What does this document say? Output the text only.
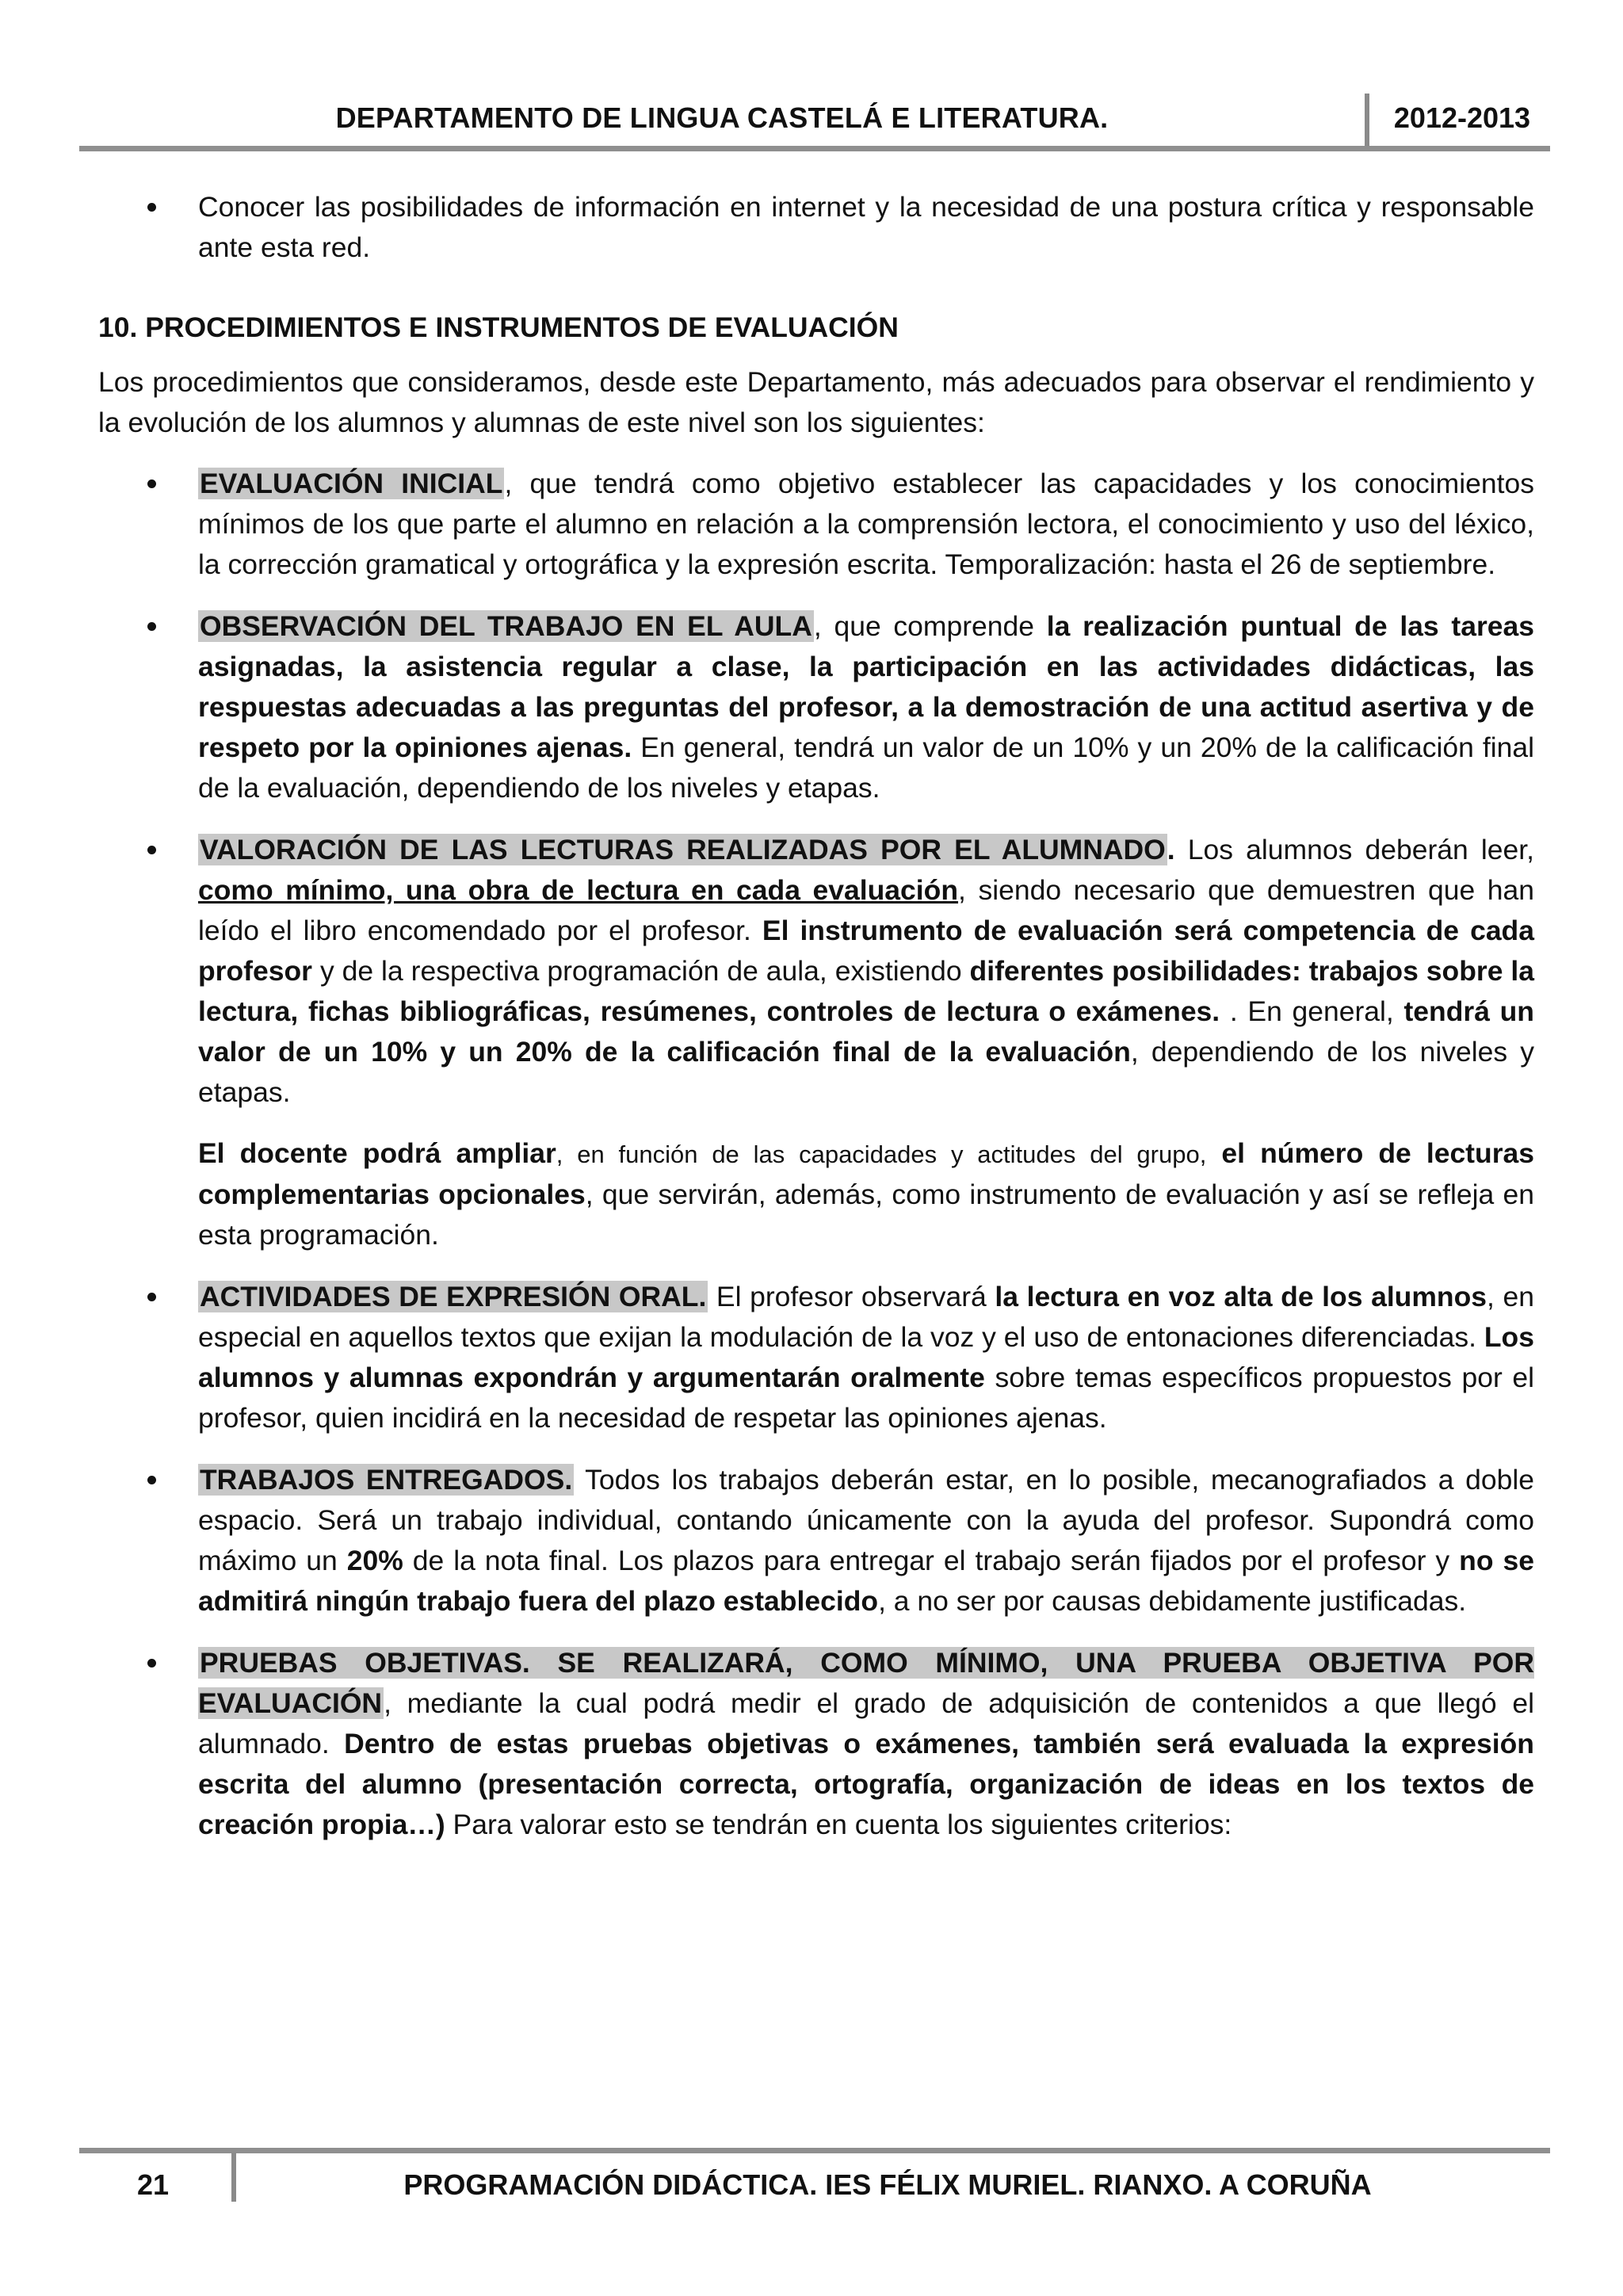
DEPARTAMENTO DE LINGUA CASTELÁ E LITERATURA.	2012-2013
Conocer las posibilidades de información en internet y la necesidad de una postura crítica y responsable ante esta red.

10. PROCEDIMIENTOS E INSTRUMENTOS DE EVALUACIÓN

Los procedimientos que consideramos, desde este Departamento, más adecuados para observar el rendimiento y la evolución de los alumnos y alumnas de este nivel son los siguientes:

EVALUACIÓN INICIAL, que tendrá como objetivo establecer las capacidades y los conocimientos mínimos de los que parte el alumno en relación a la comprensión lectora, el conocimiento y uso del léxico, la corrección gramatical y ortográfica y la expresión escrita. Temporalización: hasta el 26 de septiembre.
OBSERVACIÓN DEL TRABAJO EN EL AULA, que comprende la realización puntual de las tareas asignadas, la asistencia regular a clase, la participación en las actividades didácticas, las respuestas adecuadas a las preguntas del profesor, a la demostración de una actitud asertiva y de respeto por la opiniones ajenas. En general, tendrá un valor de un 10% y un 20% de la calificación final de la evaluación, dependiendo de los niveles y etapas.
VALORACIÓN DE LAS LECTURAS REALIZADAS POR EL ALUMNADO. Los alumnos deberán leer, como mínimo, una obra de lectura en cada evaluación, siendo necesario que demuestren que han leído el libro encomendado por el profesor. El instrumento de evaluación será competencia de cada profesor y de la respectiva programación de aula, existiendo diferentes posibilidades: trabajos sobre la lectura, fichas bibliográficas, resúmenes, controles de lectura o exámenes. . En general, tendrá un valor de un 10% y un 20% de la calificación final de la evaluación, dependiendo de los niveles y etapas.

El docente podrá ampliar, en función de las capacidades y actitudes del grupo, el número de lecturas complementarias opcionales, que servirán, además, como instrumento de evaluación y así se refleja en esta programación.

ACTIVIDADES DE EXPRESIÓN ORAL. El profesor observará la lectura en voz alta de los alumnos, en especial en aquellos textos que exijan la modulación de la voz y el uso de entonaciones diferenciadas. Los alumnos y alumnas expondrán y argumentarán oralmente sobre temas específicos propuestos por el profesor, quien incidirá en la necesidad de respetar las opiniones ajenas.
TRABAJOS ENTREGADOS. Todos los trabajos deberán estar, en lo posible, mecanografiados a doble espacio. Será un trabajo individual, contando únicamente con la ayuda del profesor. Supondrá como máximo un 20% de la nota final. Los plazos para entregar el trabajo serán fijados por el profesor y no se admitirá ningún trabajo fuera del plazo establecido, a no ser por causas debidamente justificadas.
PRUEBAS OBJETIVAS. SE REALIZARÁ, COMO MÍNIMO, UNA PRUEBA OBJETIVA POR EVALUACIÓN, mediante la cual podrá medir el grado de adquisición de contenidos a que llegó el alumnado. Dentro de estas pruebas objetivas o exámenes, también será evaluada la expresión escrita del alumno (presentación correcta, ortografía, organización de ideas en los textos de creación propia…) Para valorar esto se tendrán en cuenta los siguientes criterios:
21	PROGRAMACIÓN DIDÁCTICA. IES FÉLIX MURIEL. RIANXO. A CORUÑA
